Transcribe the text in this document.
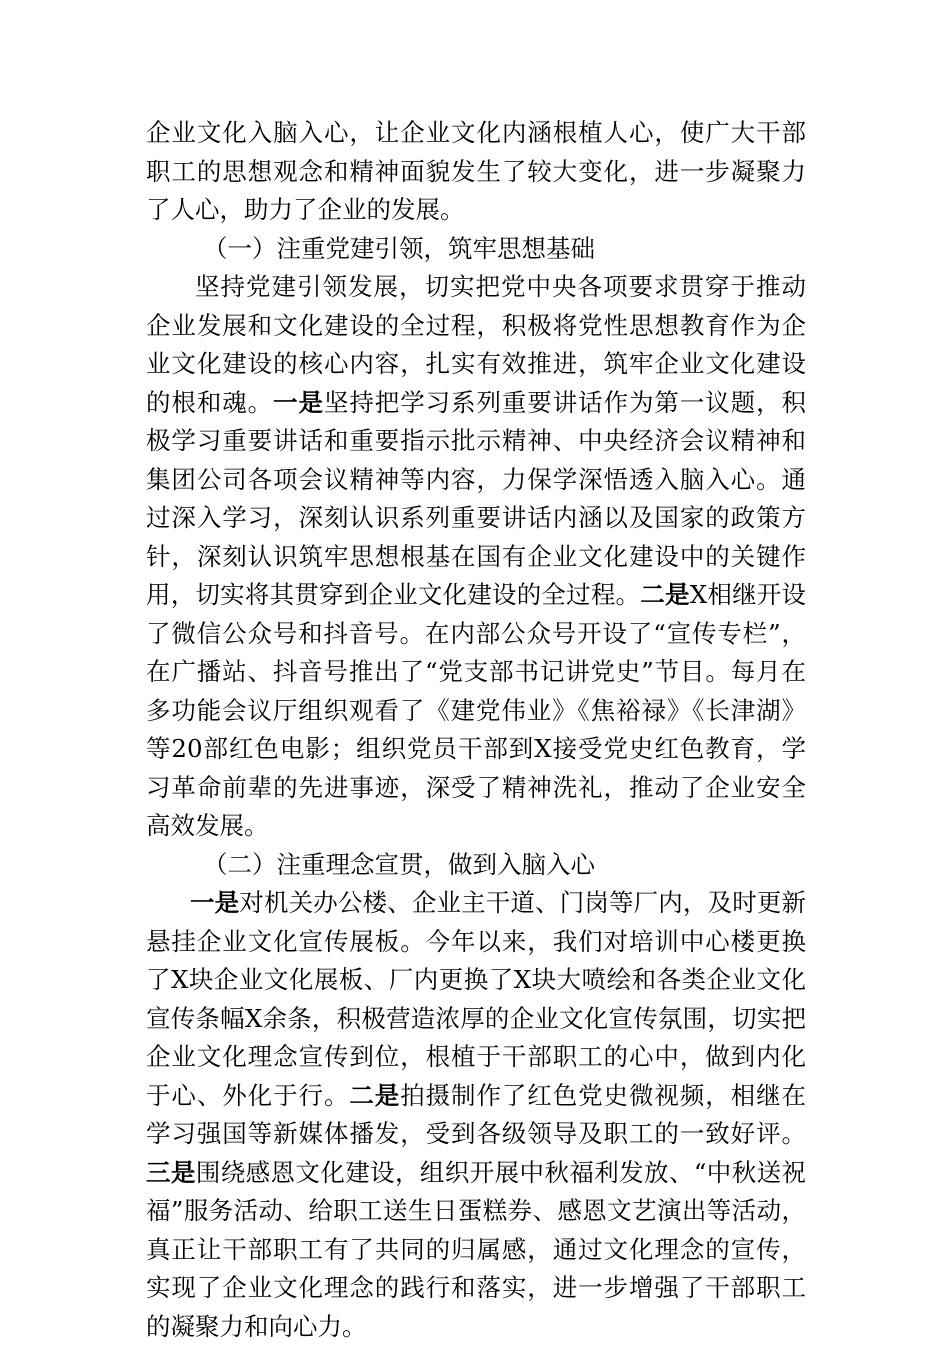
企业文化入脑入心，让企业文化内涵根植人心，使广大干部职工的思想观念和精神面貌发生了较大变化，进一步凝聚力了人心，助力了企业的发展。

（一）注重党建引领，筑牢思想基础

坚持党建引领发展，切实把党中央各项要求贯穿于推动企业发展和文化建设的全过程，积极将党性思想教育作为企业文化建设的核心内容，扎实有效推进，筑牢企业文化建设的根和魂。一是坚持把学习系列重要讲话作为第一议题，积极学习重要讲话和重要指示批示精神、中央经济会议精神和集团公司各项会议精神等内容，力保学深悟透入脑入心。通过深入学习，深刻认识系列重要讲话内涵以及国家的政策方针，深刻认识筑牢思想根基在国有企业文化建设中的关键作用，切实将其贯穿到企业文化建设的全过程。二是X相继开设了微信公众号和抖音号。在内部公众号开设了“宣传专栏”，在广播站、抖音号推出了“党支部书记讲党史”节目。每月在多功能会议厅组织观看了《建党伟业》《焦裕禄》《长津湖》等20部红色电影；组织党员干部到X接受党史红色教育，学习革命前辈的先进事迹，深受了精神洗礼，推动了企业安全高效发展。

（二）注重理念宣贯，做到入脑入心

一是对机关办公楼、企业主干道、门岗等厂内，及时更新悬挂企业文化宣传展板。今年以来，我们对培训中心楼更换了X块企业文化展板、厂内更换了X块大喷绘和各类企业文化宣传条幅X余条，积极营造浓厚的企业文化宣传氛围，切实把企业文化理念宣传到位，根植于干部职工的心中，做到内化于心、外化于行。二是拍摄制作了红色党史微视频，相继在学习强国等新媒体播发，受到各级领导及职工的一致好评。三是围绕感恩文化建设，组织开展中秋福利发放、“中秋送祝福”服务活动、给职工送生日蛋糕券、感恩文艺演出等活动，真正让干部职工有了共同的归属感，通过文化理念的宣传，实现了企业文化理念的践行和落实，进一步增强了干部职工的凝聚力和向心力。
